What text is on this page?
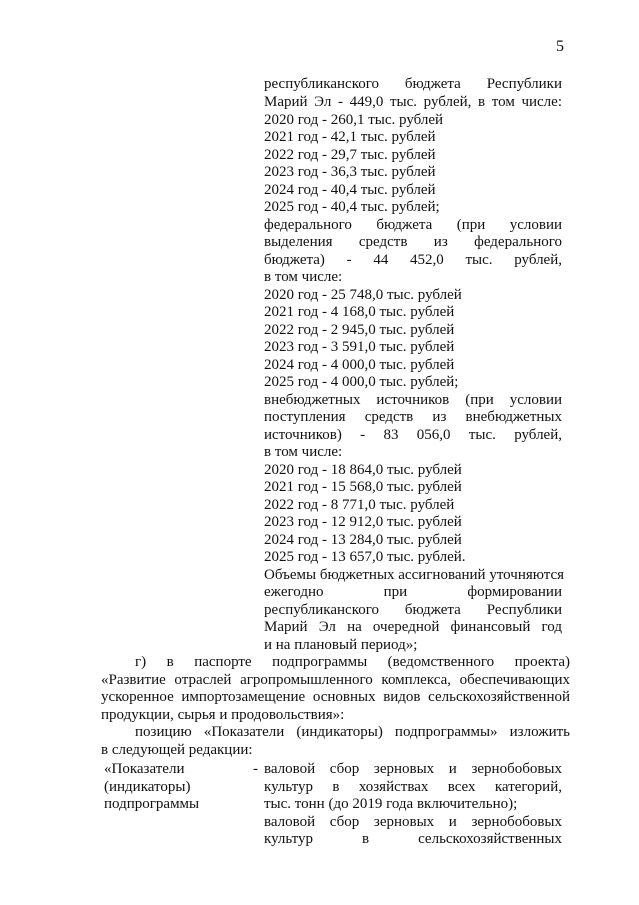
5
республиканского бюджета Республики
Марий Эл - 449,0 тыс. рублей, в том числе:
2020 год - 260,1 тыс. рублей
2021 год - 42,1 тыс. рублей
2022 год - 29,7 тыс. рублей
2023 год - 36,3 тыс. рублей
2024 год - 40,4 тыс. рублей
2025 год - 40,4 тыс. рублей;
федерального бюджета (при условии
выделения средств из федерального
бюджета) - 44 452,0 тыс. рублей,
в том числе:
2020 год - 25 748,0 тыс. рублей
2021 год - 4 168,0 тыс. рублей
2022 год - 2 945,0 тыс. рублей
2023 год - 3 591,0 тыс. рублей
2024 год - 4 000,0 тыс. рублей
2025 год - 4 000,0 тыс. рублей;
внебюджетных источников (при условии
поступления средств из внебюджетных
источников) - 83 056,0 тыс. рублей,
в том числе:
2020 год - 18 864,0 тыс. рублей
2021 год - 15 568,0 тыс. рублей
2022 год - 8 771,0 тыс. рублей
2023 год - 12 912,0 тыс. рублей
2024 год - 13 284,0 тыс. рублей
2025 год - 13 657,0 тыс. рублей.
Объемы бюджетных ассигнований уточняются
ежегодно при формировании
республиканского бюджета Республики
Марий Эл на очередной финансовый год
и на плановый период»;
г) в паспорте подпрограммы (ведомственного проекта)
«Развитие отраслей агропромышленного комплекса, обеспечивающих
ускоренное импортозамещение основных видов сельскохозяйственной
продукции, сырья и продовольствия»:
позицию «Показатели (индикаторы) подпрограммы» изложить
в следующей редакции:
«Показатели	-
(индикаторы)
подпрограммы
валовой сбор зерновых и зернобобовых
культур в хозяйствах всех категорий,
тыс. тонн (до 2019 года включительно);
валовой сбор зерновых и зернобобовых
культур в сельскохозяйственных
